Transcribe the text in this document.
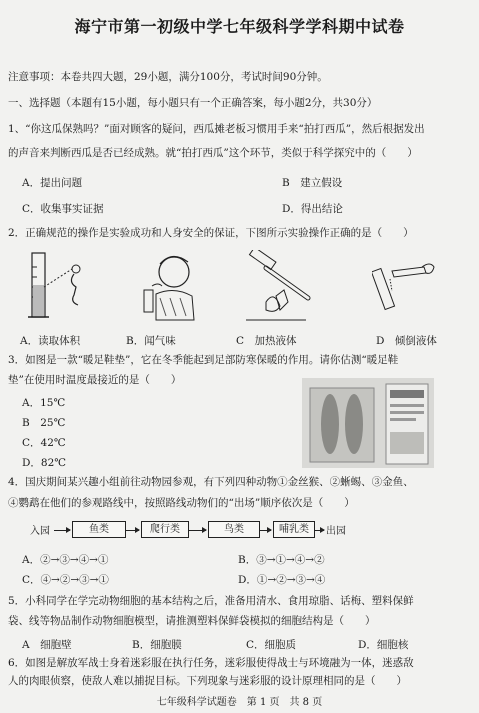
海宁市第一初级中学七年级科学学科期中试卷
注意事项：本卷共四大题，29小题，满分100分，考试时间90分钟。
一、选择题（本题有15小题，每小题只有一个正确答案，每小题2分，共30分）
1、“你这瓜保熟吗？”面对顾客的疑问，西瓜摊老板习惯用手来“拍打西瓜”，然后根据发出
的声音来判断西瓜是否已经成熟。就“拍打西瓜”这个环节，类似于科学探究中的（　　）
A．提出问题	B　建立假设
C．收集事实证据	D．得出结论
2．正确规范的操作是实验成功和人身安全的保证，下图所示实验操作正确的是（　　）
A．读取体积	B．闻气味	C　加热液体	D　倾倒液体
3．如图是一款“暖足鞋垫”，它在冬季能起到足部防寒保暖的作用。请你估测“暖足鞋
垫”在使用时温度最接近的是（　　）
A．15℃
B　25℃
C．42℃
D．82℃
4．国庆期间某兴趣小组前往动物园参观，有下列四种动物①金丝猴、②蜥蜴、③金鱼、
④鹦鹉在他们的参观路线中，按照路线动物们的“出场”顺序依次是（　　）
入园	鱼类	爬行类	鸟类	哺乳类	出园
A．②→③→④→①	B．③→①→④→②
C．④→②→③→①	D．①→②→③→④
5．小科同学在学完动物细胞的基本结构之后，准备用清水、食用琼脂、话梅、塑料保鲜
袋、线等物品制作动物细胞模型，请推测塑料保鲜袋模拟的细胞结构是（　　）
A　细胞壁	B．细胞膜	C．细胞质	D．细胞核
6．如图是解放军战士身着迷彩服在执行任务，迷彩服使得战士与环境融为一体，迷惑敌
人的肉眼侦察，使敌人难以捕捉目标。下列现象与迷彩服的设计原理相同的是（　　）
七年级科学试题卷　第 1 页　共 8 页
